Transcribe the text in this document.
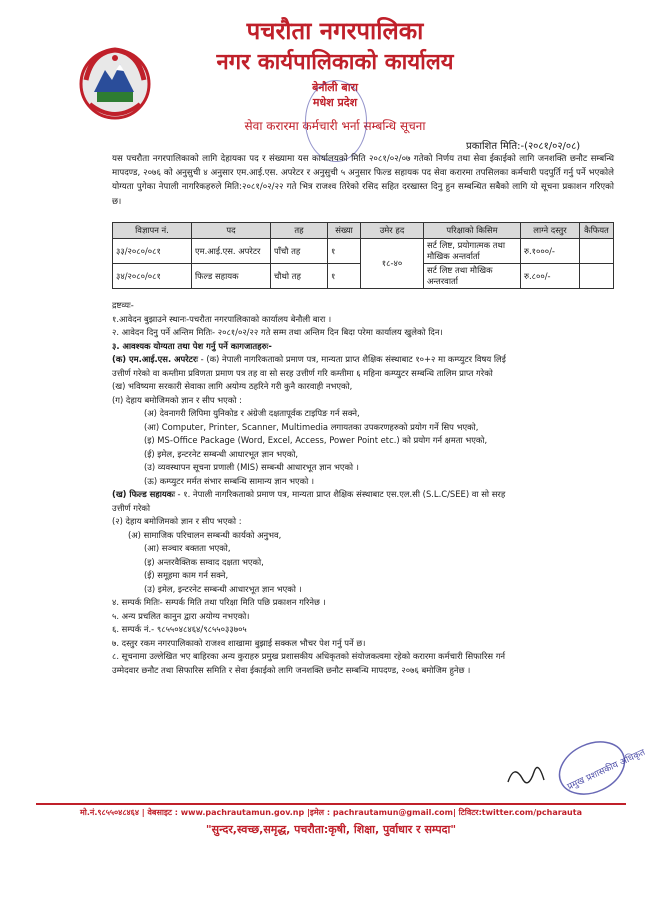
पचरौता नगरपालिका
नगर कार्यपालिकाको कार्यालय
बेनौली बारा
मधेश प्रदेश
सेवा करारमा कर्मचारी भर्ना सम्बन्धि सूचना
प्रकाशित मिति:-(२०८१/०२/०८)
यस पचरौता नगरपालिकाको लागि देहायका पद र संख्यामा यस कार्यालयको मिति २०८१/०२/०७ गतेको निर्णय तथा सेवा ईकाईको लागि जनशक्ति छनौट सम्बन्धि मापदण्ड, २०७६ को अनुसुची ४ अनुसार एम.आई.एस. अपरेटर र अनुसुची ५ अनुसार फिल्ड सहायक पद सेवा करारमा तपसिलका कर्मचारी पदपुर्ति गर्नु पर्ने भएकोले योग्यता पुगेका नेपाली नागरिकहरुले मिति:२०८१/०२/२२ गते भित्र राजश्व तिरेको रसिद सहित दरखास्त दिनु हुन सम्बन्धित सबैको लागि यो सूचना प्रकाशन गरिएको छ।
विज्ञापन नं.	पद	तह	संख्या	उमेर हद	परिक्षाको किसिम	लाग्ने दस्तुर	कैफियत
३३/२०८०/०८१	एम.आई.एस. अपरेटर	पाँचौ तह	१	१८-४०	सर्ट लिष्ट, प्रयोगात्मक तथा मौखिक अन्तर्वार्ता	रु.१०००/-	
३४/२०८०/०८१	फिल्ड सहायक	चौथो तह	१		सर्ट लिष्ट तथा मौखिक अन्तरवार्ता	रु.८००/-	
द्रष्टव्यः-
१.आवेदन बुझाउने स्थानः-पचरौता नगरपालिकाको कार्यालय बेनौली बारा ।
२. आवेदन दिनु पर्ने अन्तिम मितिः- २०८१/०२/२२ गते सम्म तथा अन्तिम दिन बिदा परेमा कार्यालय खुलेको दिन।
३. आवश्यक योग्यता तथा पेश गर्नु पर्ने कागजातहरुः-
(क) एम.आई.एस. अपरेटरः - (क) नेपाली नागरिकताको प्रमाण पत्र, मान्यता प्राप्त शैक्षिक संस्थाबाट १०+२ मा कम्प्युटर विषय लिई
उत्तीर्ण गरेको वा कम्तीमा प्रविणता प्रमाण पत्र तह वा सो सरह उत्तीर्ण गरि कम्तीमा ६ महिना कम्प्युटर सम्बन्धि तालिम प्राप्त गरेको
(ख) भविष्यमा सरकारी सेवाका लागि अयोग्य ठहरिने गरी कुनै कारवाही नभएको,
(ग) देहाय बमोजिमको ज्ञान र सीप भएको :
(अ) देवनागरी लिपिमा युनिकोड र अंग्रेजी दक्षतापूर्वक टाइपिङ गर्न सक्ने,
(आ) Computer, Printer, Scanner, Multimedia लगायतका उपकरणहरुको प्रयोग गर्ने सिप भएको,
(इ) MS-Office Package (Word, Excel, Access, Power Point etc.) को प्रयोग गर्न क्षमता भएको,
(ई) इमेल, इन्टरनेट सम्बन्धी आधारभूत ज्ञान भएको,
(उ) व्यवस्थापन सूचना प्रणाली (MIS) सम्बन्धी आधारभूत ज्ञान भएको ।
(ऊ) कम्प्युटर मर्मत संभार सम्बन्धि सामान्य ज्ञान भएको ।
(ख) फिल्ड सहायकः - १. नेपाली नागरिकताको प्रमाण पत्र, मान्यता प्राप्त शैक्षिक संस्थाबाट एस.एल.सी (S.L.C/SEE) वा सो सरह
उत्तीर्ण गरेको
(२) देहाय बमोजिमको ज्ञान र सीप भएको :
(अ) सामाजिक परिचालन सम्बन्धी कार्यको अनुभव,
(आ) सञ्चार बक्तता भएको,
(इ) अन्तरवैक्तिक सम्वाद दक्षता भएको,
(ई) समूहमा काम गर्न सक्ने,
(उ) इमेल, इन्टरनेट सम्बन्धी आधारभूत ज्ञान भएको ।
४. सम्पर्क मितिः- सम्पर्क मिति तथा परिक्षा मिति पछि प्रकाशन गरिनेछ ।
५. अन्य प्रचलित कानुन द्वारा अयोग्य नभएको।
६. सम्पर्क नं.- ९८५५०४८४६४/९८५५०३३७०५
७. दस्तुर रकम नगरपालिकाको राजश्व शाखामा बुझाई सक्कल भौचर पेश गर्नु पर्ने छ।
८. सूचनामा उल्लेखित भए बाहिरका अन्य कुराहरु प्रमुख प्रशासकीय अधिकृतको संयोजकत्वमा रहेको करारमा कर्मचारी सिफारिस गर्न
उम्मेदवार छनौट तथा सिफारिस समिति र सेवा ईकाईको लागि जनशक्ति छनौट सम्बन्धि मापदण्ड, २०७६ बमोजिम हुनेछ ।
प्रमुख प्रशासकीय अधिकृत
मो.नं.९८५५०४८४६४ | वेबसाइट : www.pachrautamun.gov.np |इमेल : pachrautamun@gmail.com| टिविटर:twitter.com/pcharauta
"सुन्दर,स्वच्छ,समृद्ध, पचरौता:कृषी, शिक्षा, पुर्वाधार र सम्पदा"
